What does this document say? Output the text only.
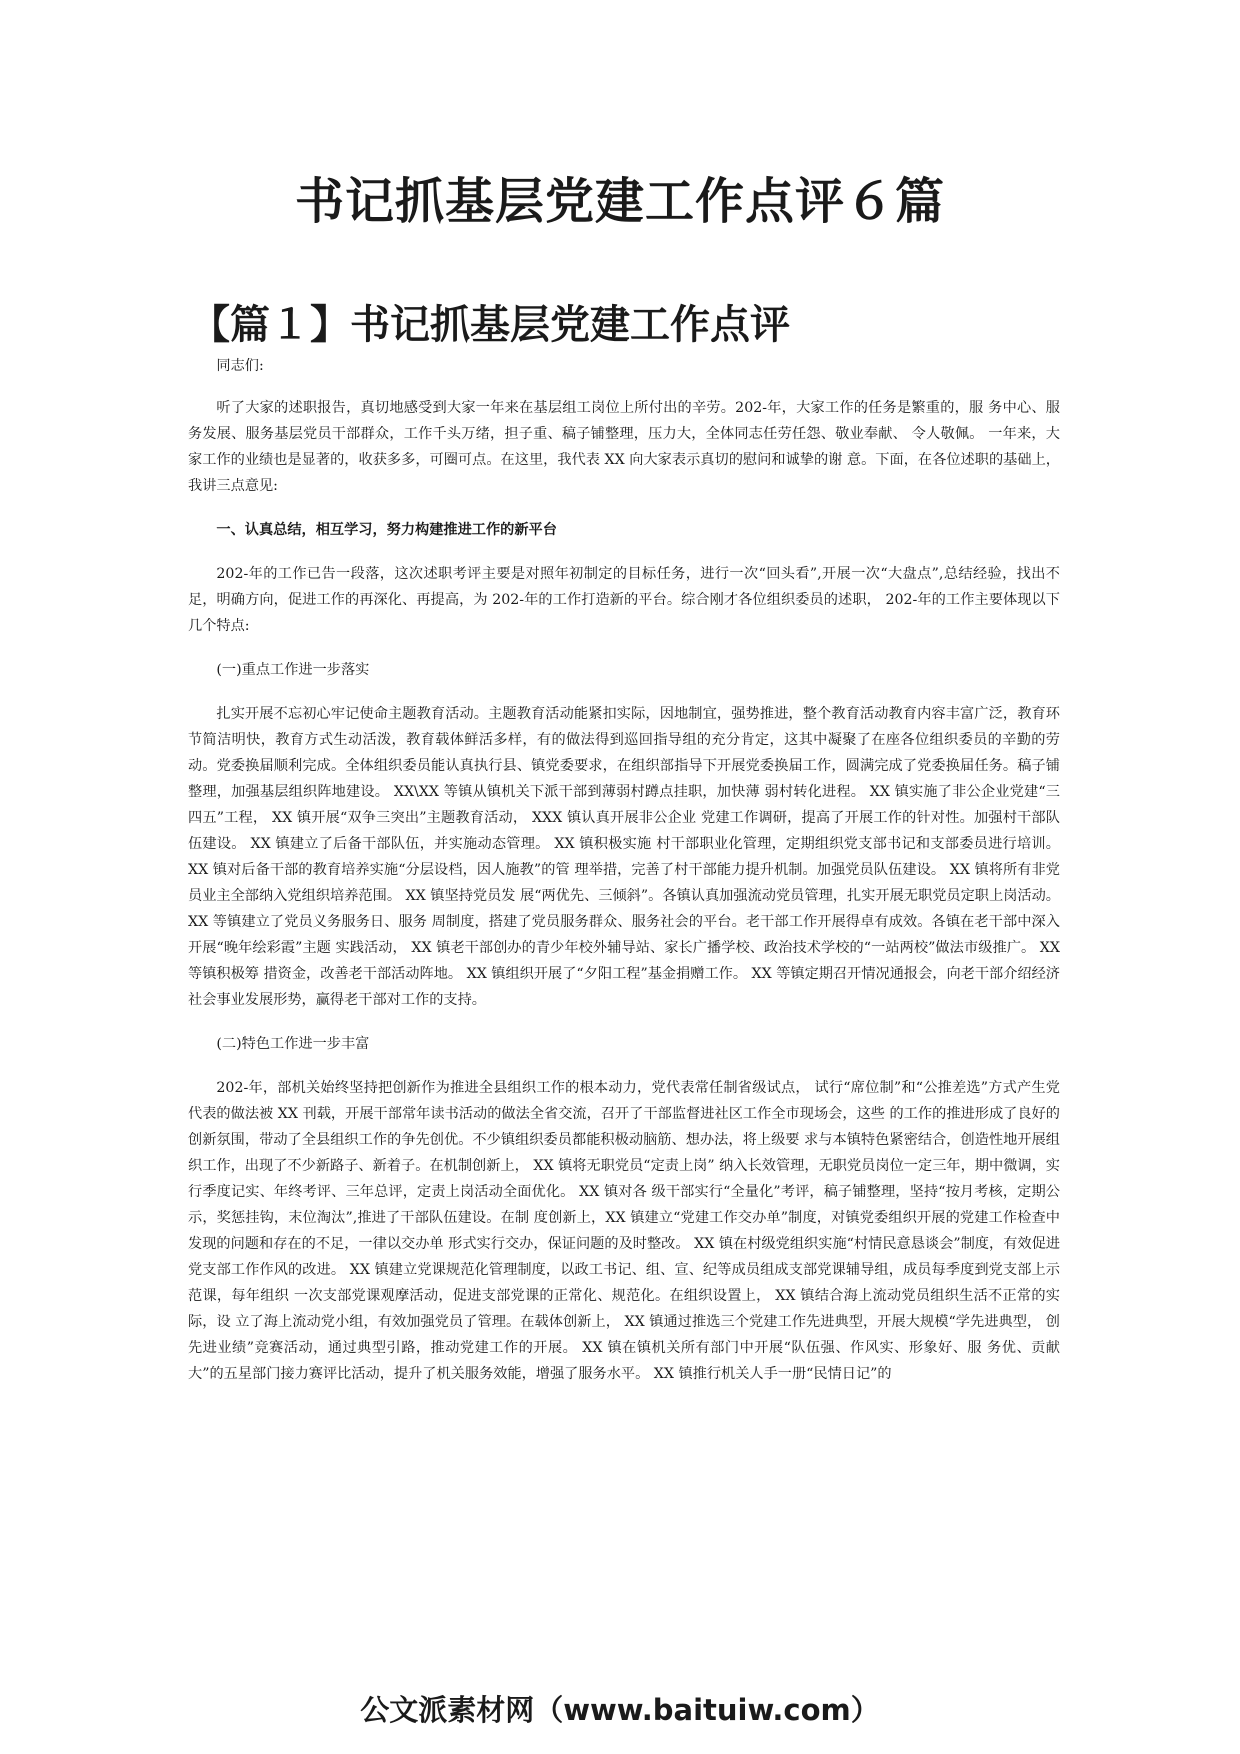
书记抓基层党建工作点评６篇
【篇１】书记抓基层党建工作点评

同志们:

听了大家的述职报告，真切地感受到大家一年来在基层组工岗位上所付出的辛劳。202-年，大家工作的任务是繁重的，服 务中心、服务发展、服务基层党员干部群众，工作千头万绪，担子重、稿子铺整理，压力大，全体同志任劳任怨、敬业奉献、 令人敬佩。 一年来，大家工作的业绩也是显著的，收获多多，可圈可点。在这里，我代表 XX 向大家表示真切的慰问和诚挚的谢 意。下面，在各位述职的基础上，我讲三点意见:

一、认真总结，相互学习，努力构建推进工作的新平台

202-年的工作已告一段落，这次述职考评主要是对照年初制定的目标任务，进行一次“回头看”,开展一次“大盘点”,总结经验，找出不足，明确方向，促进工作的再深化、再提高，为 202-年的工作打造新的平台。综合刚才各位组织委员的述职， 202-年的工作主要体现以下几个特点:

(一)重点工作进一步落实

扎实开展不忘初心牢记使命主题教育活动。主题教育活动能紧扣实际，因地制宜，强势推进，整个教育活动教育内容丰富广泛，教育环节简洁明快，教育方式生动活泼，教育载体鲜活多样，有的做法得到巡回指导组的充分肯定，这其中凝聚了在座各位组织委员的辛勤的劳动。党委换届顺利完成。全体组织委员能认真执行县、镇党委要求，在组织部指导下开展党委换届工作，圆满完成了党委换届任务。稿子铺整理，加强基层组织阵地建设。 XX\XX 等镇从镇机关下派干部到薄弱村蹲点挂职，加快薄 弱村转化进程。 XX 镇实施了非公企业党建“三四五”工程， XX 镇开展“双争三突出”主题教育活动， XXX 镇认真开展非公企业 党建工作调研，提高了开展工作的针对性。加强村干部队伍建设。 XX 镇建立了后备干部队伍，并实施动态管理。 XX 镇积极实施 村干部职业化管理，定期组织党支部书记和支部委员进行培训。 XX 镇对后备干部的教育培养实施“分层设档，因人施教”的管 理举措，完善了村干部能力提升机制。加强党员队伍建设。 XX 镇将所有非党员业主全部纳入党组织培养范围。 XX 镇坚持党员发 展“两优先、三倾斜”。各镇认真加强流动党员管理，扎实开展无职党员定职上岗活动。 XX 等镇建立了党员义务服务日、服务 周制度，搭建了党员服务群众、服务社会的平台。老干部工作开展得卓有成效。各镇在老干部中深入开展“晚年绘彩霞”主题 实践活动， XX 镇老干部创办的青少年校外辅导站、家长广播学校、政治技术学校的“一站两校”做法市级推广。 XX 等镇积极筹 措资金，改善老干部活动阵地。 XX 镇组织开展了“夕阳工程”基金捐赠工作。 XX 等镇定期召开情况通报会，向老干部介绍经济 社会事业发展形势，赢得老干部对工作的支持。

(二)特色工作进一步丰富

202-年，部机关始终坚持把创新作为推进全县组织工作的根本动力，党代表常任制省级试点， 试行“席位制”和“公推差选”方式产生党代表的做法被 XX 刊载，开展干部常年读书活动的做法全省交流，召开了干部监督进社区工作全市现场会，这些 的工作的推进形成了良好的创新氛围，带动了全县组织工作的争先创优。不少镇组织委员都能积极动脑筋、想办法，将上级要 求与本镇特色紧密结合，创造性地开展组织工作，出现了不少新路子、新着子。在机制创新上， XX 镇将无职党员“定责上岗” 纳入长效管理，无职党员岗位一定三年，期中微调，实行季度记实、年终考评、三年总评，定责上岗活动全面优化。 XX 镇对各 级干部实行“全量化”考评，稿子铺整理，坚持“按月考核，定期公示，奖惩挂钩，末位淘汰”,推进了干部队伍建设。在制 度创新上，XX 镇建立“党建工作交办单”制度，对镇党委组织开展的党建工作检查中发现的问题和存在的不足，一律以交办单 形式实行交办，保证问题的及时整改。 XX 镇在村级党组织实施“村情民意恳谈会”制度，有效促进党支部工作作风的改进。 XX 镇建立党课规范化管理制度，以政工书记、组、宣、纪等成员组成支部党课辅导组，成员每季度到党支部上示范课，每年组织 一次支部党课观摩活动，促进支部党课的正常化、规范化。在组织设置上， XX 镇结合海上流动党员组织生活不正常的实际，设 立了海上流动党小组，有效加强党员了管理。在载体创新上， XX 镇通过推选三个党建工作先进典型，开展大规模“学先进典型， 创先进业绩”竞赛活动，通过典型引路，推动党建工作的开展。 XX 镇在镇机关所有部门中开展“队伍强、作风实、形象好、服 务优、贡献大”的五星部门接力赛评比活动，提升了机关服务效能，增强了服务水平。 XX 镇推行机关人手一册“民情日记”的

公文派素材网（www.baituiw.com）
